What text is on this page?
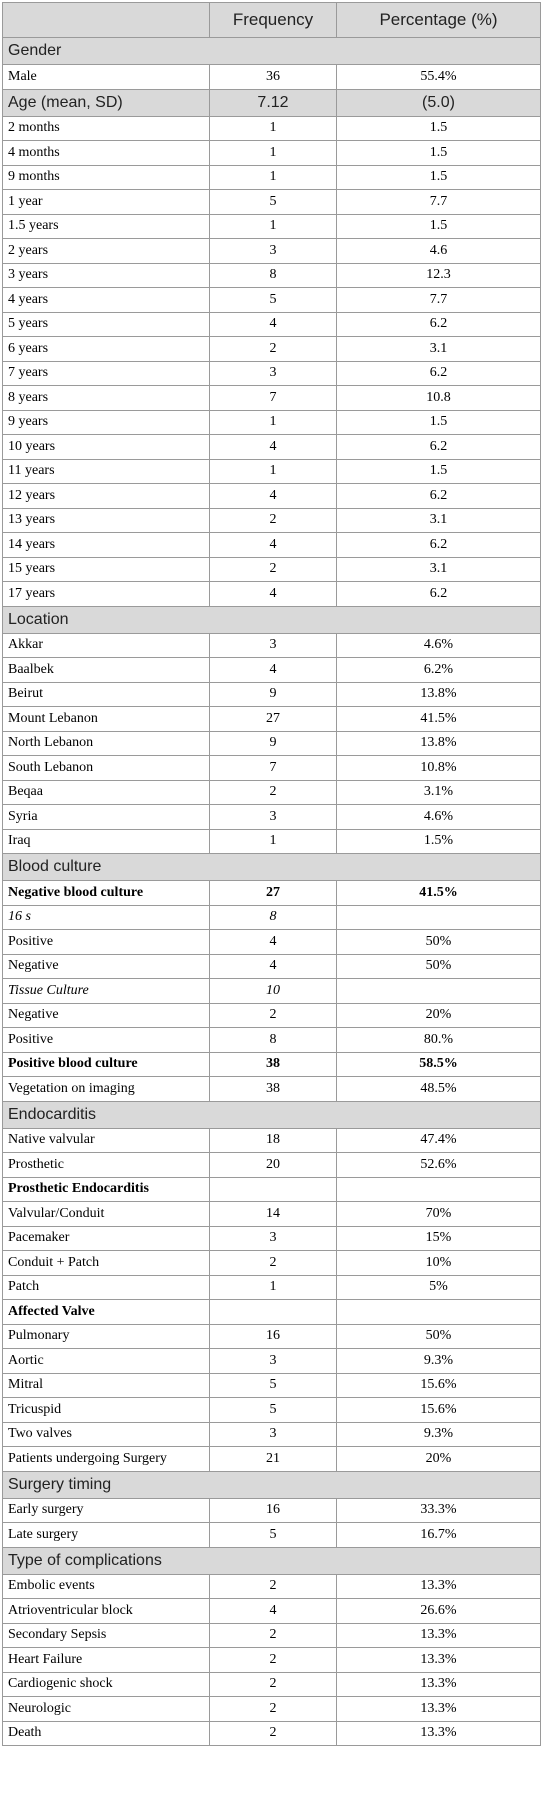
	Frequency	Percentage (%)
Gender		
Male	36	55.4%
Age (mean, SD)	7.12	(5.0)
2 months	1	1.5
4 months	1	1.5
9 months	1	1.5
1 year	5	7.7
1.5 years	1	1.5
2 years	3	4.6
3 years	8	12.3
4 years	5	7.7
5 years	4	6.2
6 years	2	3.1
7 years	3	6.2
8 years	7	10.8
9 years	1	1.5
10 years	4	6.2
11 years	1	1.5
12 years	4	6.2
13 years	2	3.1
14 years	4	6.2
15 years	2	3.1
17 years	4	6.2
Location		
Akkar	3	4.6%
Baalbek	4	6.2%
Beirut	9	13.8%
Mount Lebanon	27	41.5%
North Lebanon	9	13.8%
South Lebanon	7	10.8%
Beqaa	2	3.1%
Syria	3	4.6%
Iraq	1	1.5%
Blood culture		
Negative blood culture	27	41.5%
16 s	8	
Positive	4	50%
Negative	4	50%
Tissue Culture	10	
Negative	2	20%
Positive	8	80.%
Positive blood culture	38	58.5%
Vegetation on imaging	38	48.5%
Endocarditis		
Native valvular	18	47.4%
Prosthetic	20	52.6%
Prosthetic Endocarditis		
Valvular/Conduit	14	70%
Pacemaker	3	15%
Conduit + Patch	2	10%
Patch	1	5%
Affected Valve		
Pulmonary	16	50%
Aortic	3	9.3%
Mitral	5	15.6%
Tricuspid	5	15.6%
Two valves	3	9.3%
Patients undergoing Surgery	21	20%
Surgery timing		
Early surgery	16	33.3%
Late surgery	5	16.7%
Type of complications		
Embolic events	2	13.3%
Atrioventricular block	4	26.6%
Secondary Sepsis	2	13.3%
Heart Failure	2	13.3%
Cardiogenic shock	2	13.3%
Neurologic	2	13.3%
Death	2	13.3%
